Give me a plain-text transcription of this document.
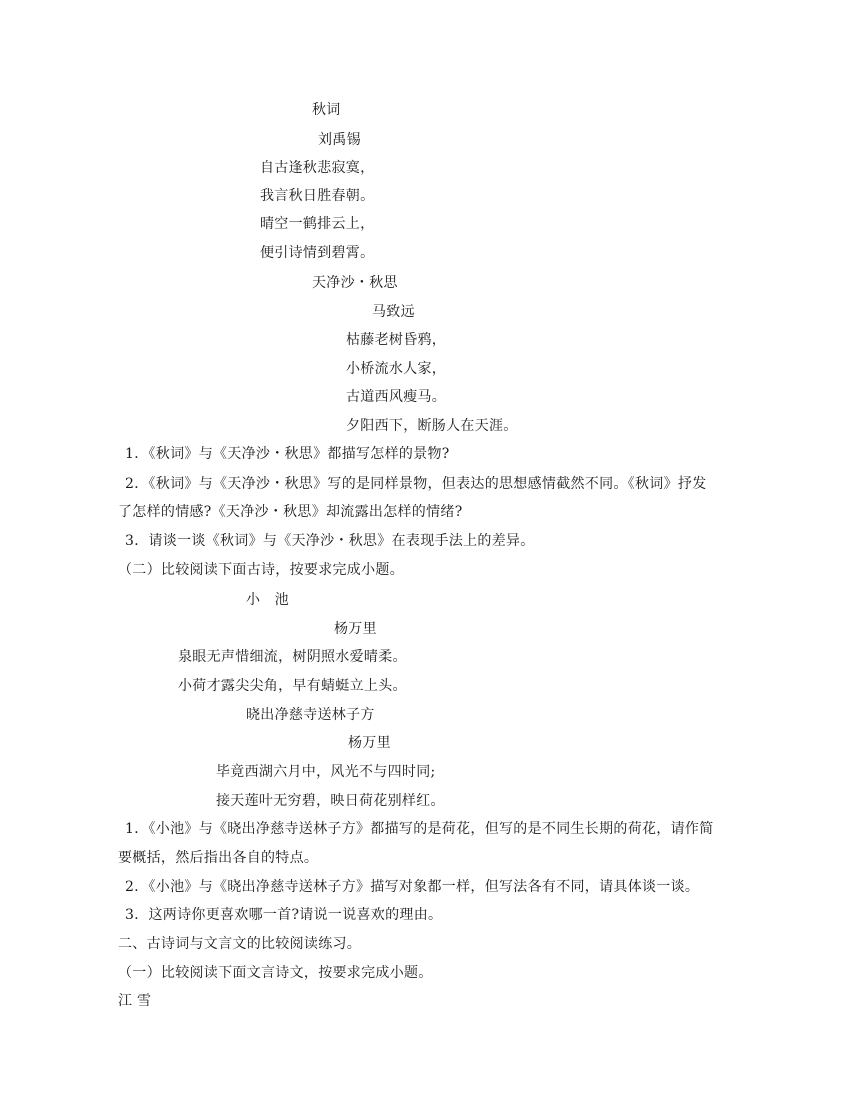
秋词
刘禹锡
自古逢秋悲寂寞，
我言秋日胜春朝。
晴空一鹤排云上，
便引诗情到碧霄。
天净沙・秋思
马致远
枯藤老树昏鸦，
小桥流水人家，
古道西风瘦马。
夕阳西下，断肠人在天涯。
1．《秋词》与《天净沙・秋思》都描写怎样的景物?
2．《秋词》与《天净沙・秋思》写的是同样景物，但表达的思想感情截然不同。《秋词》抒发
了怎样的情感?《天净沙・秋思》却流露出怎样的情绪?
3．请谈一谈《秋词》与《天净沙・秋思》在表现手法上的差异。
（二）比较阅读下面古诗，按要求完成小题。
小　池
杨万里
泉眼无声惜细流，树阴照水爱晴柔。
小荷才露尖尖角，早有蜻蜓立上头。
晓出净慈寺送林子方
杨万里
毕竟西湖六月中，风光不与四时同;
接天莲叶无穷碧，映日荷花别样红。
1．《小池》与《晓出净慈寺送林子方》都描写的是荷花，但写的是不同生长期的荷花，请作简
要概括，然后指出各自的特点。
2．《小池》与《晓出净慈寺送林子方》描写对象都一样，但写法各有不同，请具体谈一谈。
3．这两诗你更喜欢哪一首?请说一说喜欢的理由。
二、古诗词与文言文的比较阅读练习。
（一）比较阅读下面文言诗文，按要求完成小题。
江 雪
